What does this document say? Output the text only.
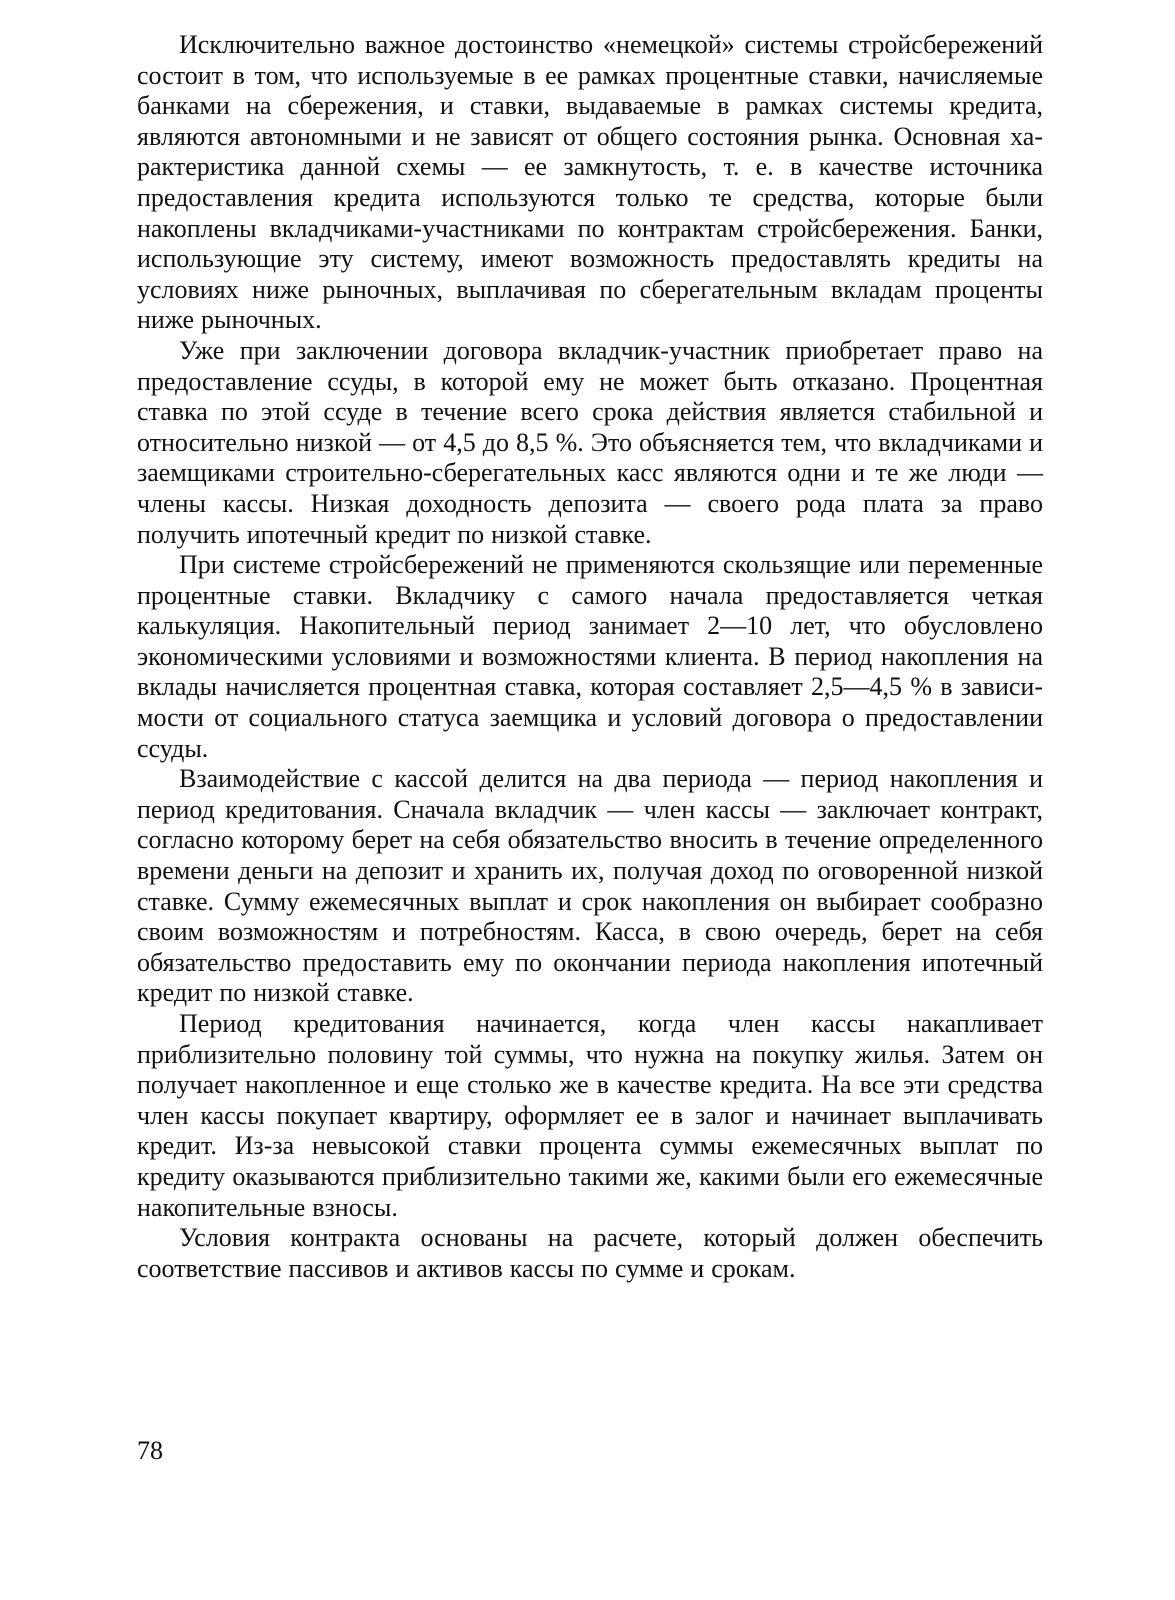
Исключительно важное достоинство «немецкой» системы стройсбережений состоит в том, что используемые в ее рамках процентные ставки, начисляемые банками на сбережения, и ставки, выдаваемые в рамках системы кредита, являются автономными и не зависят от общего состояния рынка. Основная характеристика данной схемы — ее замкнутость, т. е. в качестве источника предоставления кредита используются только те средства, которые были накоплены вкладчиками-участниками по контрактам стройсбережения. Банки, использующие эту систему, имеют возможность предоставлять кредиты на условиях ниже рыночных, выплачивая по сберегательным вкладам проценты ниже рыночных.

Уже при заключении договора вкладчик-участник приобретает право на предоставление ссуды, в которой ему не может быть отказано. Процентная ставка по этой ссуде в течение всего срока действия является стабильной и относительно низкой — от 4,5 до 8,5 %. Это объясняется тем, что вкладчиками и заемщиками строительно-сберегательных касс являются одни и те же люди — члены кассы. Низкая доходность депозита — своего рода плата за право получить ипотечный кредит по низкой ставке.

При системе стройсбережений не применяются скользящие или переменные процентные ставки. Вкладчику с самого начала предоставляется четкая калькуляция. Накопительный период занимает 2—10 лет, что обусловлено экономическими условиями и возможностями клиента. В период накопления на вклады начисляется процентная ставка, которая составляет 2,5—4,5 % в зависимости от социального статуса заемщика и условий договора о предоставлении ссуды.

Взаимодействие с кассой делится на два периода — период накопления и период кредитования. Сначала вкладчик — член кассы — заключает контракт, согласно которому берет на себя обязательство вносить в течение определенного времени деньги на депозит и хранить их, получая доход по оговоренной низкой ставке. Сумму ежемесячных выплат и срок накопления он выбирает сообразно своим возможностям и потребностям. Касса, в свою очередь, берет на себя обязательство предоставить ему по окончании периода накопления ипотечный кредит по низкой ставке.

Период кредитования начинается, когда член кассы накапливает приблизительно половину той суммы, что нужна на покупку жилья. Затем он получает накопленное и еще столько же в качестве кредита. На все эти средства член кассы покупает квартиру, оформляет ее в залог и начинает выплачивать кредит. Из-за невысокой ставки процента суммы ежемесячных выплат по кредиту оказываются приблизительно такими же, какими были его ежемесячные накопительные взносы.

Условия контракта основаны на расчете, который должен обеспечить соответствие пассивов и активов кассы по сумме и срокам.

78
